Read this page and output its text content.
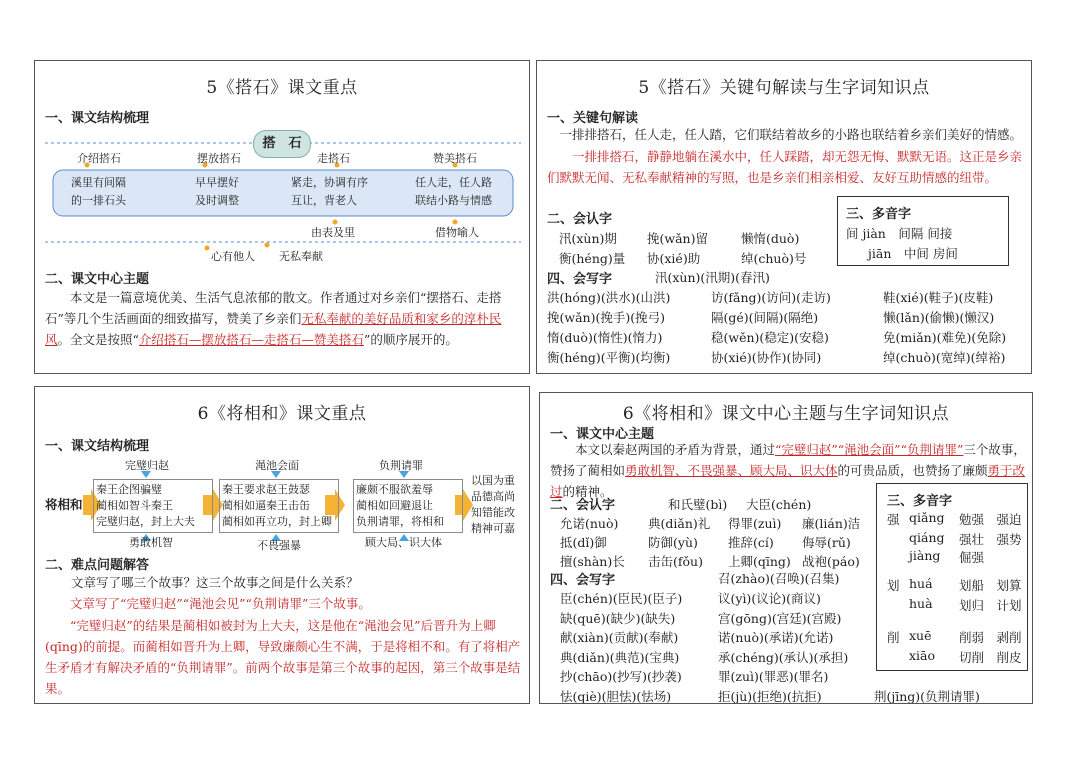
5《搭石》课文重点
一、课文结构梳理
搭　石
介绍搭石	摆放搭石	走搭石	赞美搭石
溪里有间隔
的一排石头
早早摆好
及时调整
紧走，协调有序
互让，背老人
任人走，任人路
联结小路与情感
由表及里	借物喻人
心有他人 无私奉献
二、课文中心主题
本文是一篇意境优美、生活气息浓郁的散文。作者通过对乡亲们“摆搭石、走搭石”等几个生活画面的细致描写，赞美了乡亲们无私奉献的美好品质和家乡的淳朴民风。全文是按照“介绍搭石—摆放搭石—走搭石—赞美搭石”的顺序展开的。
5《搭石》关键句解读与生字词知识点
一、关键句解读
一排排搭石，任人走，任人踏，它们联结着故乡的小路也联结着乡亲们美好的情感。
一排排搭石，静静地躺在溪水中，任人踩踏，却无怨无悔、默默无语。这正是乡亲们默默无闻、无私奉献精神的写照，也是乡亲们相亲相爱、友好互助情感的纽带。
二、会认字
汛(xùn)期 挽(wǎn)留	懒惰(duò)
衡(héng)量 协(xié)助	绰(chuò)号
三、多音字
间 jiàn　间隔 间接
jiān　中间 房间
四、会写字	汛(xùn)(汛期)(春汛)
洪(hóng)(洪水)(山洪)	访(fǎng)(访问)(走访)	鞋(xié)(鞋子)(皮鞋)
挽(wǎn)(挽手)(挽弓)	隔(gé)(间隔)(隔绝)	懒(lǎn)(偷懒)(懒汉)
惰(duò)(惰性)(惰力)	稳(wěn)(稳定)(安稳)	免(miǎn)(难免)(免除)
衡(héng)(平衡)(均衡)	协(xié)(协作)(协同)	绰(chuò)(宽绰)(绰裕)
6《将相和》课文重点
一、课文结构梳理
将相和
完璧归赵	渑池会面	负荆请罪
秦王企图骗璧
蔺相如智斗秦王
完璧归赵，封上大夫
秦王要求赵王鼓瑟
蔺相如逼秦王击缶
蔺相如再立功，封上卿
廉颇不服欲羞辱
蔺相如回避退让
负荆请罪，将相和
以国为重
品德高尚
知错能改
精神可嘉
勇敢机智	不畏强暴	顾大局、识大体
二、难点问题解答
文章写了哪三个故事？这三个故事之间是什么关系？
文章写了“完璧归赵”“渑池会见”“负荆请罪”三个故事。
“完璧归赵”的结果是蔺相如被封为上大夫，这是他在“渑池会见”后晋升为上卿(qīng)的前提。而蔺相如晋升为上卿，导致廉颇心生不满，于是将相不和。有了将相产生矛盾才有解决矛盾的“负荆请罪”。前两个故事是第三个故事的起因，第三个故事是结果。
6《将相和》课文中心主题与生字词知识点
一、课文中心主题
本文以秦赵两国的矛盾为背景，通过“完璧归赵”“渑池会面”“负荆请罪”三个故事，赞扬了蔺相如勇敢机智、不畏强暴、顾大局、识大体的可贵品质，也赞扬了廉颇勇于改过的精神。
二、会认字	和氏璧(bì) 大臣(chén)
允诺(nuò) 典(diǎn)礼 得罪(zuì) 廉(lián)洁
抵(dǐ)御	防御(yù) 推辞(cí) 侮辱(rǔ)
擅(shàn)长 击缶(fǒu) 上卿(qīng) 战袍(páo)
四、会写字	召(zhào)(召唤)(召集)
臣(chén)(臣民)(臣子)	议(yì)(议论)(商议)
缺(quē)(缺少)(缺失)	宫(gōng)(宫廷)(宫殿)
献(xiàn)(贡献)(奉献)	诺(nuò)(承诺)(允诺)
典(diǎn)(典范)(宝典)	承(chéng)(承认)(承担)
抄(chāo)(抄写)(抄袭)	罪(zuì)(罪恶)(罪名)
怯(qiè)(胆怯)(怯场)	拒(jù)(拒绝)(抗拒)	荆(jīng)(负荆请罪)
三、多音字
强 qiǎng 勉强　强迫
qiáng 强壮　强势
jiàng 倔强
划 huá 划船　划算
huà 划归　计划
削 xuē 削弱　剥削
xiāo 切削　削皮
